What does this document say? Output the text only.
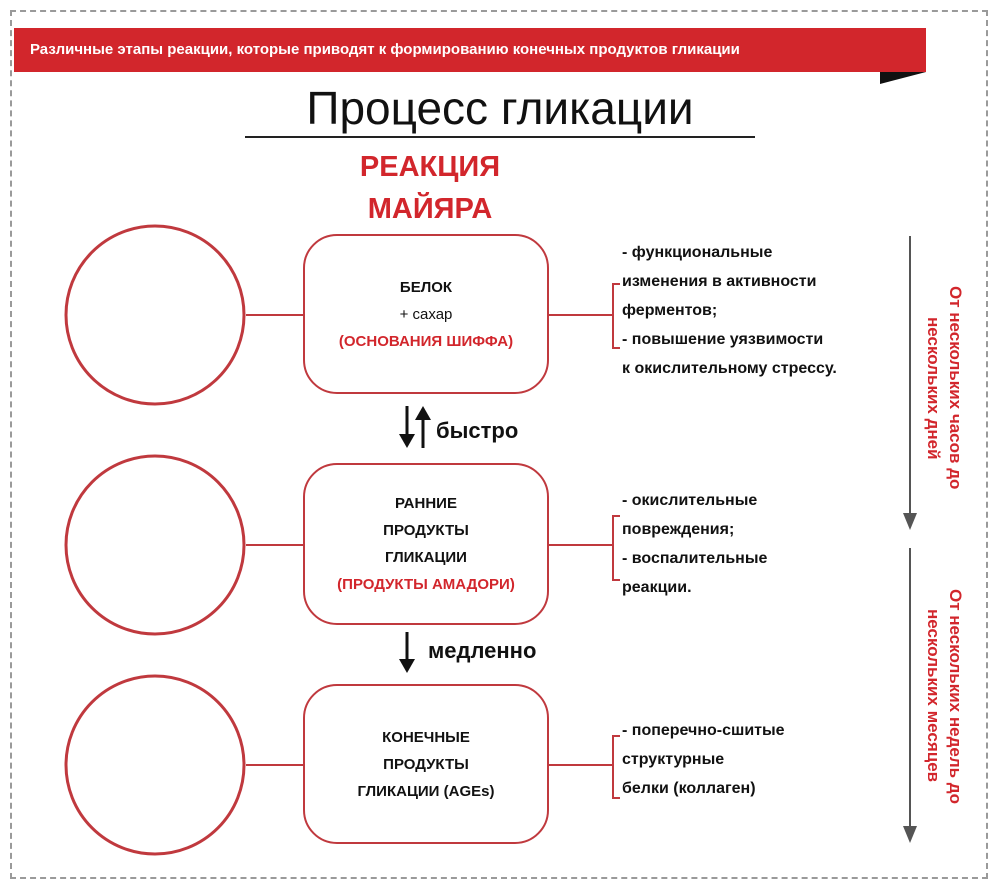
Различные этапы реакции, которые приводят к формированию конечных продуктов гликации
Процесс гликации
РЕАКЦИЯ
МАЙЯРА
БЕЛОК
+ сахар
(ОСНОВАНИЯ ШИФФА)
РАННИЕ
ПРОДУКТЫ
ГЛИКАЦИИ
(ПРОДУКТЫ АМАДОРИ)
КОНЕЧНЫЕ
ПРОДУКТЫ
ГЛИКАЦИИ (AGEs)
быстро
медленно
- функциональные
изменения в активности
ферментов;
- повышение уязвимости
к окислительному стрессу.
- окислительные
повреждения;
- воспалительные
реакции.
- поперечно-сшитые
структурные
белки (коллаген)
От нескольких часов до нескольких дней
От нескольких недель до нескольких месяцев
